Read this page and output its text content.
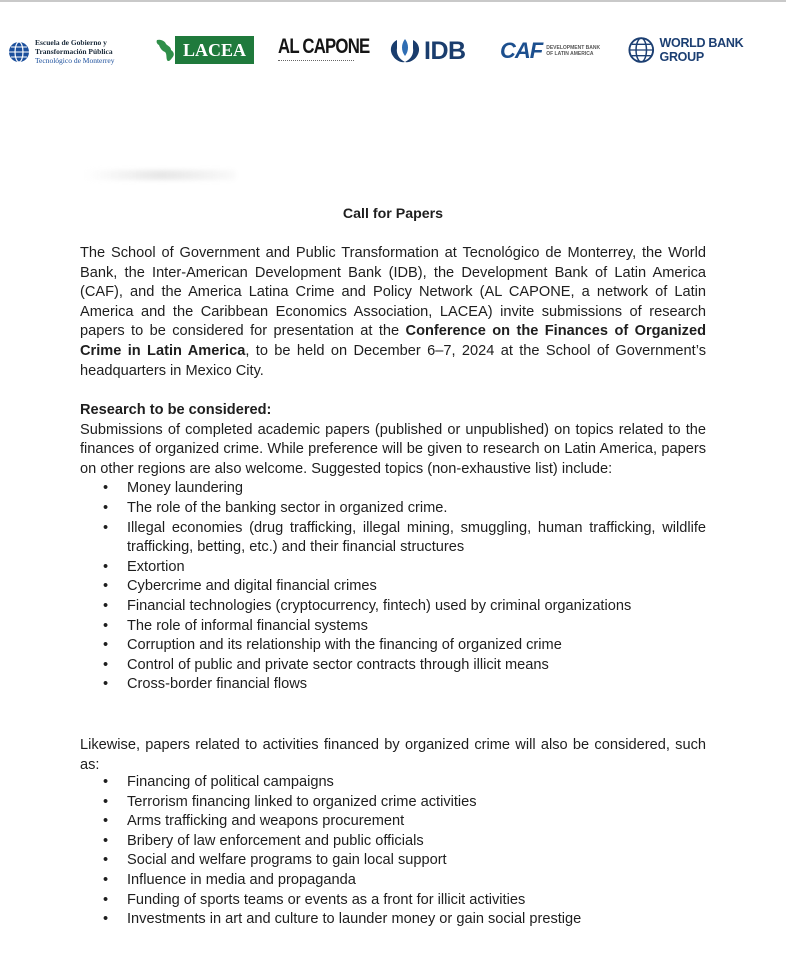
Escuela de Gobierno y
Transformación Pública
Tecnológico de Monterrey
LACEA	AL CAPONE IDB CAF DEVELOPMENT BANK
OF LATIN AMERICA
WORLD BANK GROUP
Call for Papers
The School of Government and Public Transformation at Tecnológico de Monterrey, the World Bank, the Inter-American Development Bank (IDB), the Development Bank of Latin America (CAF), and the America Latina Crime and Policy Network (AL CAPONE, a network of Latin America and the Caribbean Economics Association, LACEA) invite submissions of research papers to be considered for presentation at the Conference on the Finances of Organized Crime in Latin America, to be held on December 6–7, 2024 at the School of Government’s headquarters in Mexico City.
Research to be considered:
Submissions of completed academic papers (published or unpublished) on topics related to the finances of organized crime. While preference will be given to research on Latin America, papers on other regions are also welcome. Suggested topics (non-exhaustive list) include:
• Money laundering
• The role of the banking sector in organized crime.
• Illegal economies (drug trafficking, illegal mining, smuggling, human trafficking, wildlife trafficking, betting, etc.) and their financial structures
• Extortion
• Cybercrime and digital financial crimes
• Financial technologies (cryptocurrency, fintech) used by criminal organizations
• The role of informal financial systems
• Corruption and its relationship with the financing of organized crime
• Control of public and private sector contracts through illicit means
• Cross-border financial flows
Likewise, papers related to activities financed by organized crime will also be considered, such as:
• Financing of political campaigns
• Terrorism financing linked to organized crime activities
• Arms trafficking and weapons procurement
• Bribery of law enforcement and public officials
• Social and welfare programs to gain local support
• Influence in media and propaganda
• Funding of sports teams or events as a front for illicit activities
• Investments in art and culture to launder money or gain social prestige
